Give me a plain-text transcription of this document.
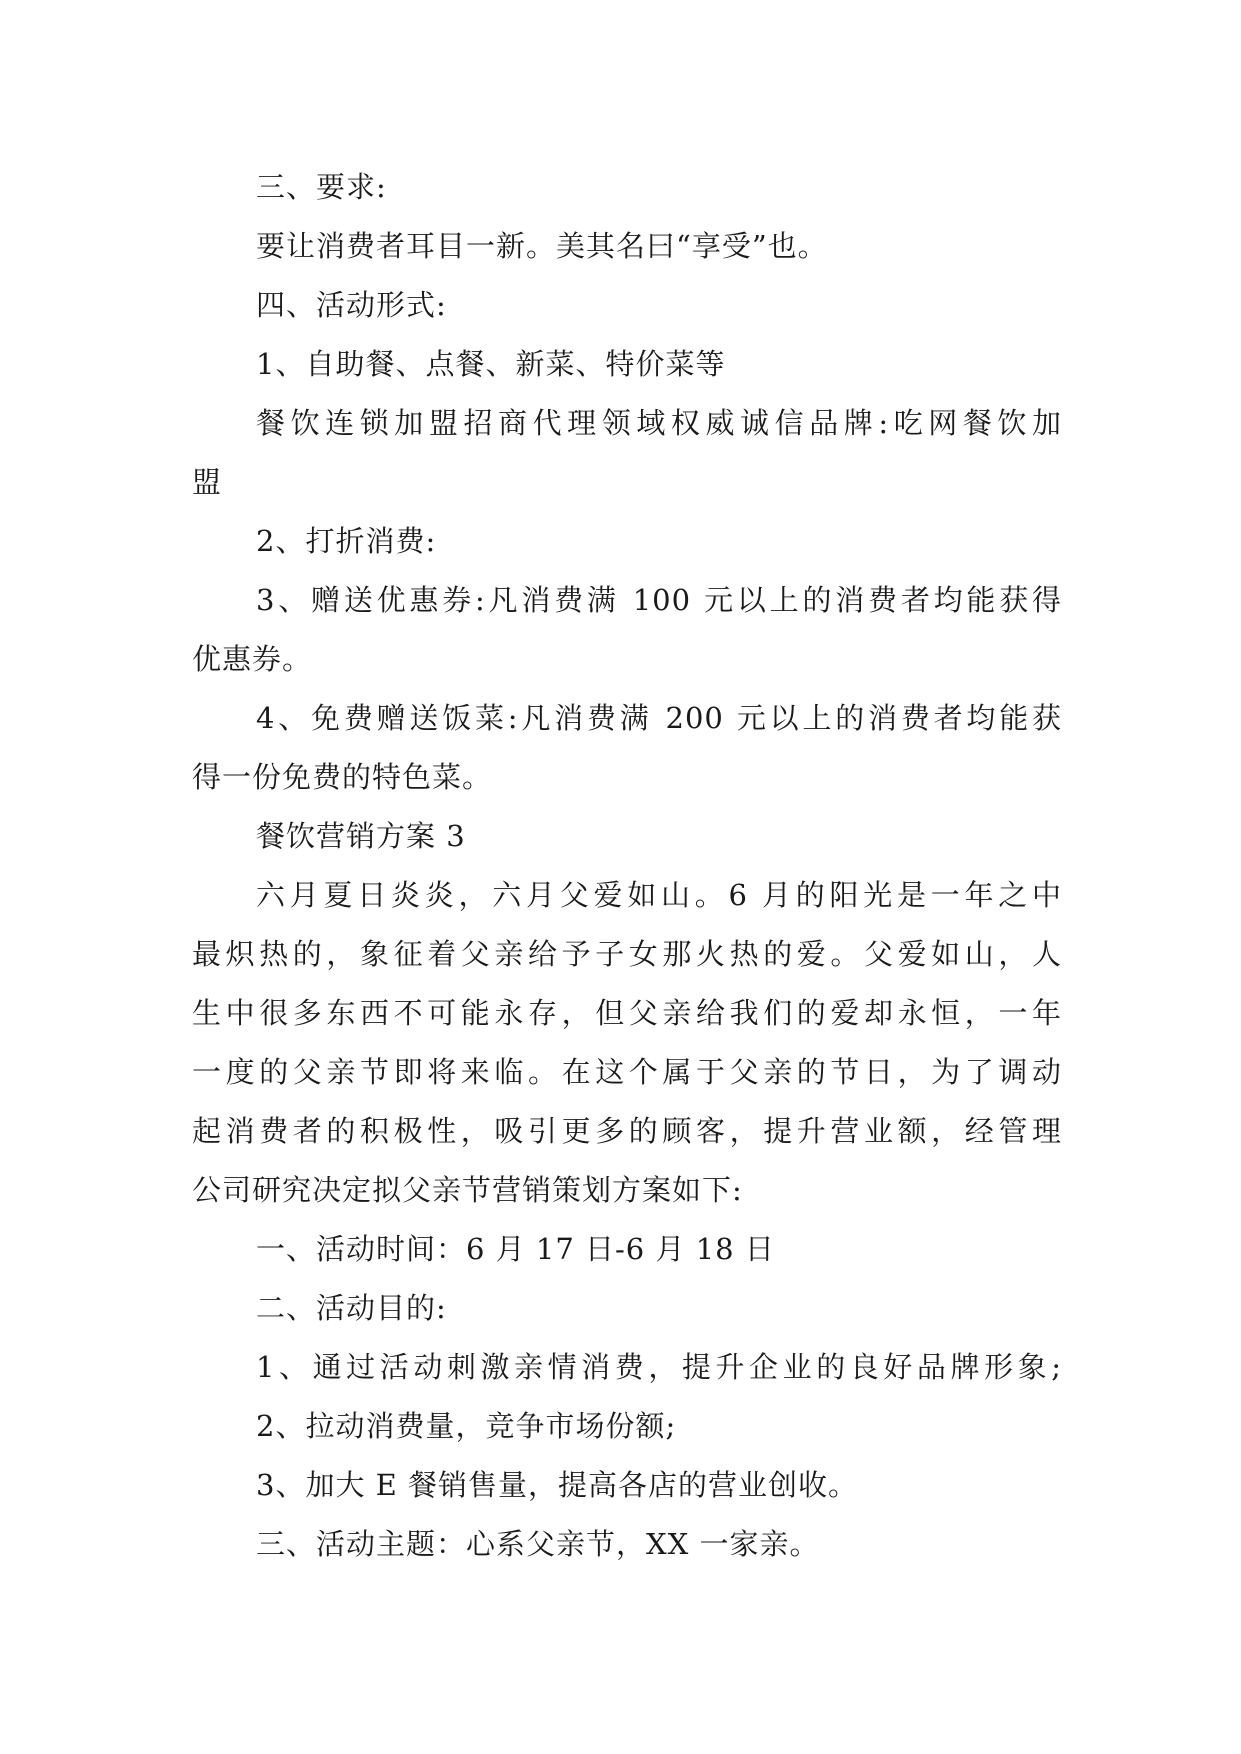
三、要求:
要让消费者耳目一新。美其名曰“享受”也。
四、活动形式:
1、自助餐、点餐、新菜、特价菜等
餐饮连锁加盟招商代理领域权威诚信品牌:吃网餐饮加
盟
2、打折消费:
3、赠送优惠券:凡消费满 100 元以上的消费者均能获得
优惠券。
4、免费赠送饭菜:凡消费满 200 元以上的消费者均能获
得一份免费的特色菜。
餐饮营销方案 3
六月夏日炎炎，六月父爱如山。6 月的阳光是一年之中
最炽热的，象征着父亲给予子女那火热的爱。父爱如山，人
生中很多东西不可能永存，但父亲给我们的爱却永恒，一年
一度的父亲节即将来临。在这个属于父亲的节日，为了调动
起消费者的积极性，吸引更多的顾客，提升营业额，经管理
公司研究决定拟父亲节营销策划方案如下:
一、活动时间：6 月 17 日-6 月 18 日
二、活动目的:
1、通过活动刺激亲情消费，提升企业的良好品牌形象;
2、拉动消费量，竞争市场份额;
3、加大 E 餐销售量，提高各店的营业创收。
三、活动主题：心系父亲节，XX 一家亲。
